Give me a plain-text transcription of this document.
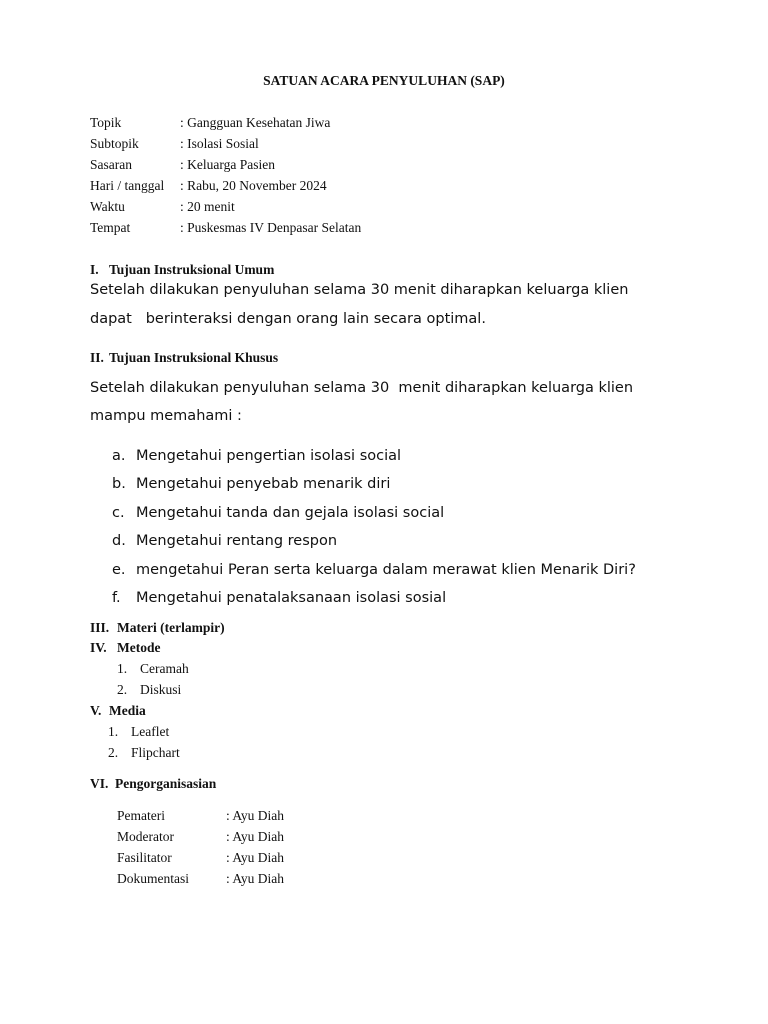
SATUAN ACARA PENYULUHAN (SAP)
Topik	: Gangguan Kesehatan Jiwa
Subtopik	: Isolasi Sosial
Sasaran	: Keluarga Pasien
Hari / tanggal : Rabu, 20 November 2024
Waktu	: 20 menit
Tempat	: Puskesmas IV Denpasar Selatan
I. Tujuan Instruksional Umum
Setelah dilakukan penyuluhan selama 30 menit diharapkan keluarga klien
dapat   berinteraksi dengan orang lain secara optimal.
II. Tujuan Instruksional Khusus
Setelah dilakukan penyuluhan selama 30  menit diharapkan keluarga klien
mampu memahami :
a. Mengetahui pengertian isolasi social
b. Mengetahui penyebab menarik diri
c. Mengetahui tanda dan gejala isolasi social
d. Mengetahui rentang respon
e. mengetahui Peran serta keluarga dalam merawat klien Menarik Diri?
f. Mengetahui penatalaksanaan isolasi sosial
III. Materi (terlampir)
IV. Metode
1. Ceramah
2. Diskusi
V. Media
1. Leaflet
2. Flipchart
VI. Pengorganisasian
Pemateri	: Ayu Diah
Moderator	: Ayu Diah
Fasilitator	: Ayu Diah
Dokumentasi	: Ayu Diah
